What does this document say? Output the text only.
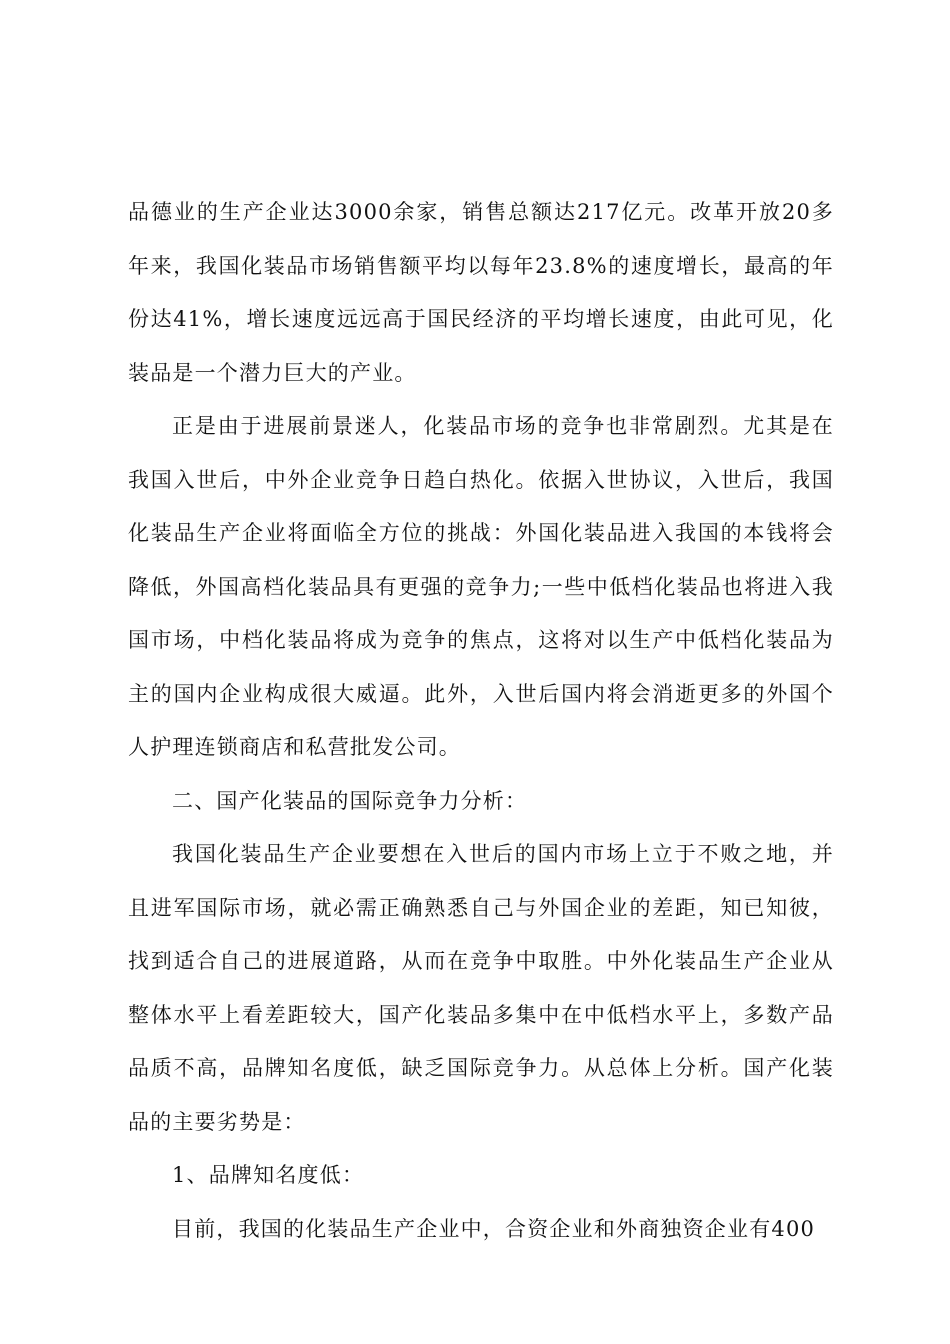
品德业的生产企业达3000余家，销售总额达217亿元。改革开放20多年来，我国化装品市场销售额平均以每年23.8%的速度增长，最高的年份达41%，增长速度远远高于国民经济的平均增长速度，由此可见，化装品是一个潜力巨大的产业。

正是由于进展前景迷人，化装品市场的竞争也非常剧烈。尤其是在我国入世后，中外企业竞争日趋白热化。依据入世协议，入世后，我国化装品生产企业将面临全方位的挑战：外国化装品进入我国的本钱将会降低，外国高档化装品具有更强的竞争力;一些中低档化装品也将进入我国市场，中档化装品将成为竞争的焦点，这将对以生产中低档化装品为主的国内企业构成很大威逼。此外，入世后国内将会消逝更多的外国个人护理连锁商店和私营批发公司。

二、国产化装品的国际竞争力分析：

我国化装品生产企业要想在入世后的国内市场上立于不败之地，并且进军国际市场，就必需正确熟悉自己与外国企业的差距，知已知彼，找到适合自己的进展道路，从而在竞争中取胜。中外化装品生产企业从整体水平上看差距较大，国产化装品多集中在中低档水平上，多数产品品质不高，品牌知名度低，缺乏国际竞争力。从总体上分析。国产化装品的主要劣势是：

1、品牌知名度低：

目前，我国的化装品生产企业中，合资企业和外商独资企业有400
